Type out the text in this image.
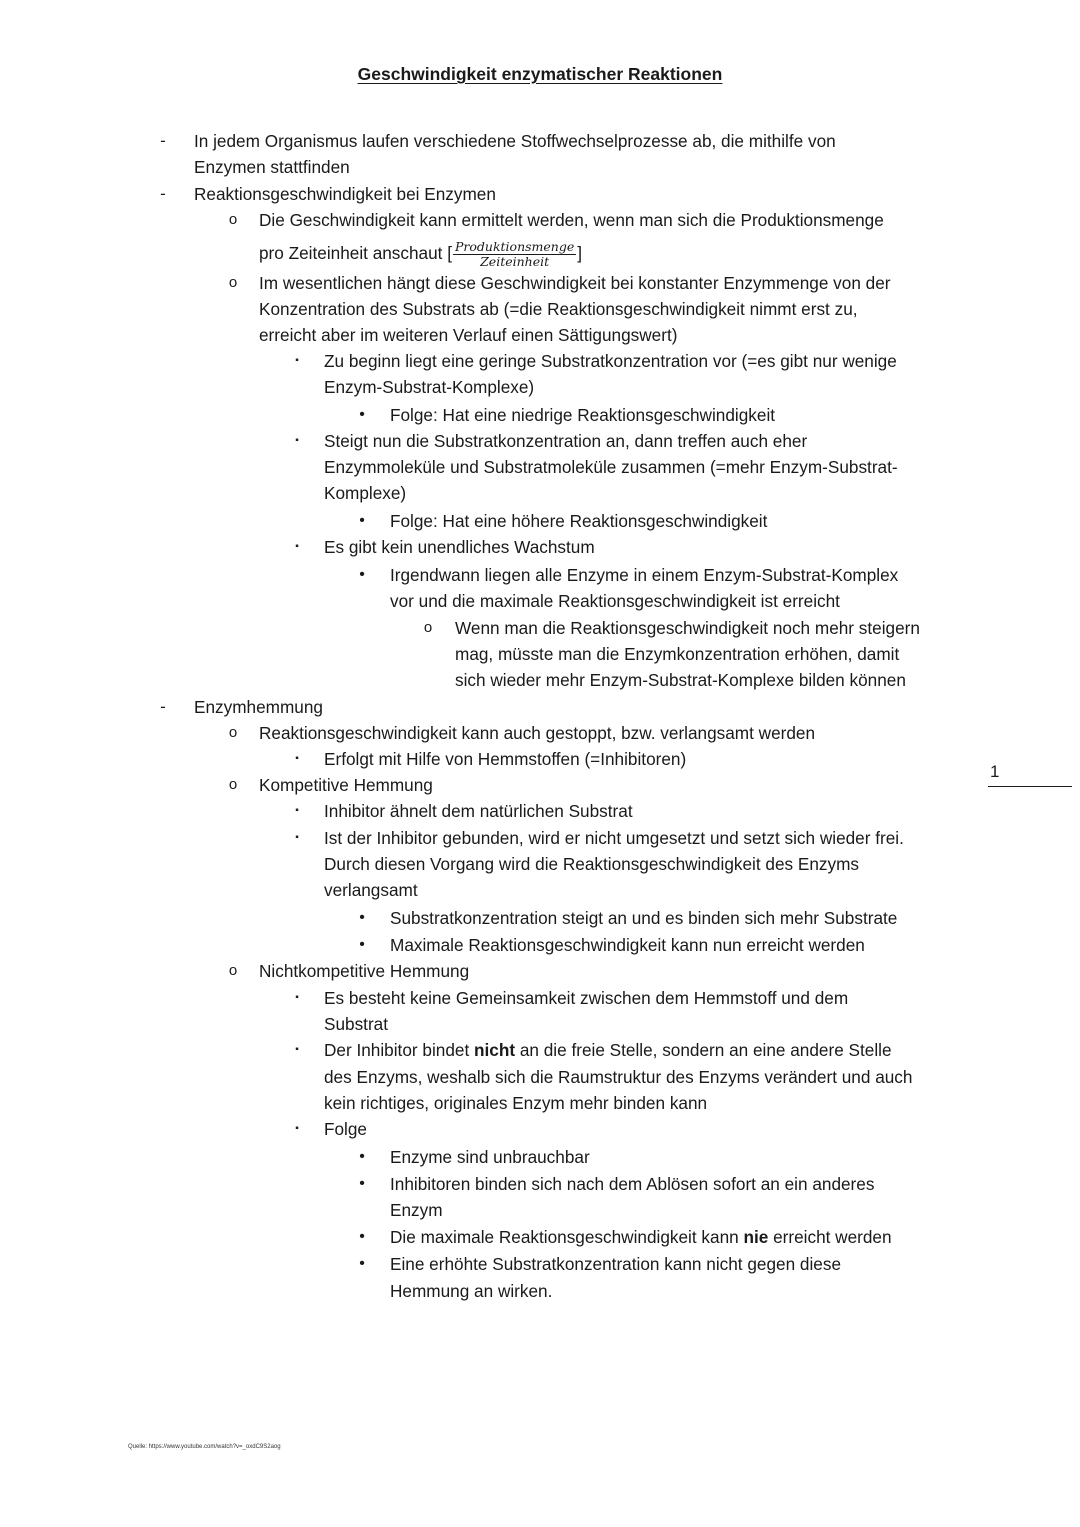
Geschwindigkeit enzymatischer Reaktionen
-	In jedem Organismus laufen verschiedene Stoffwechselprozesse ab, die mithilfe von
Enzymen stattfinden
-	Reaktionsgeschwindigkeit bei Enzymen
o Die Geschwindigkeit kann ermittelt werden, wenn man sich die Produktionsmenge
pro Zeiteinheit anschaut [ $\frac{\text{Produktionsmenge}}{\text{Zeiteinheit}}$ ]
o Im wesentlichen hängt diese Geschwindigkeit bei konstanter Enzymmenge von der
Konzentration des Substrats ab (=die Reaktionsgeschwindigkeit nimmt erst zu,
erreicht aber im weiteren Verlauf einen Sättigungswert)
▪	Zu beginn liegt eine geringe Substratkonzentration vor (=es gibt nur wenige
Enzym-Substrat-Komplexe)
•	Folge: Hat eine niedrige Reaktionsgeschwindigkeit
▪	Steigt nun die Substratkonzentration an, dann treffen auch eher
Enzymmoleküle und Substratmoleküle zusammen (=mehr Enzym-Substrat-
Komplexe)
•	Folge: Hat eine höhere Reaktionsgeschwindigkeit
▪	Es gibt kein unendliches Wachstum
•	Irgendwann liegen alle Enzyme in einem Enzym-Substrat-Komplex
vor und die maximale Reaktionsgeschwindigkeit ist erreicht
o Wenn man die Reaktionsgeschwindigkeit noch mehr steigern
mag, müsste man die Enzymkonzentration erhöhen, damit
sich wieder mehr Enzym-Substrat-Komplexe bilden können
-	Enzymhemmung
o Reaktionsgeschwindigkeit kann auch gestoppt, bzw. verlangsamt werden
▪	Erfolgt mit Hilfe von Hemmstoffen (=Inhibitoren)
o Kompetitive Hemmung
▪	Inhibitor ähnelt dem natürlichen Substrat
▪	Ist der Inhibitor gebunden, wird er nicht umgesetzt und setzt sich wieder frei.
Durch diesen Vorgang wird die Reaktionsgeschwindigkeit des Enzyms
verlangsamt
•	Substratkonzentration steigt an und es binden sich mehr Substrate
•	Maximale Reaktionsgeschwindigkeit kann nun erreicht werden
o Nichtkompetitive Hemmung
▪	Es besteht keine Gemeinsamkeit zwischen dem Hemmstoff und dem
Substrat
▪	Der Inhibitor bindet nicht an die freie Stelle, sondern an eine andere Stelle
des Enzyms, weshalb sich die Raumstruktur des Enzyms verändert und auch
kein richtiges, originales Enzym mehr binden kann
▪	Folge
•	Enzyme sind unbrauchbar
•	Inhibitoren binden sich nach dem Ablösen sofort an ein anderes
Enzym
•	Die maximale Reaktionsgeschwindigkeit kann nie erreicht werden
•	Eine erhöhte Substratkonzentration kann nicht gegen diese
Hemmung an wirken.
1
Quelle: https://www.youtube.com/watch?v=_oxdC9S2aog
